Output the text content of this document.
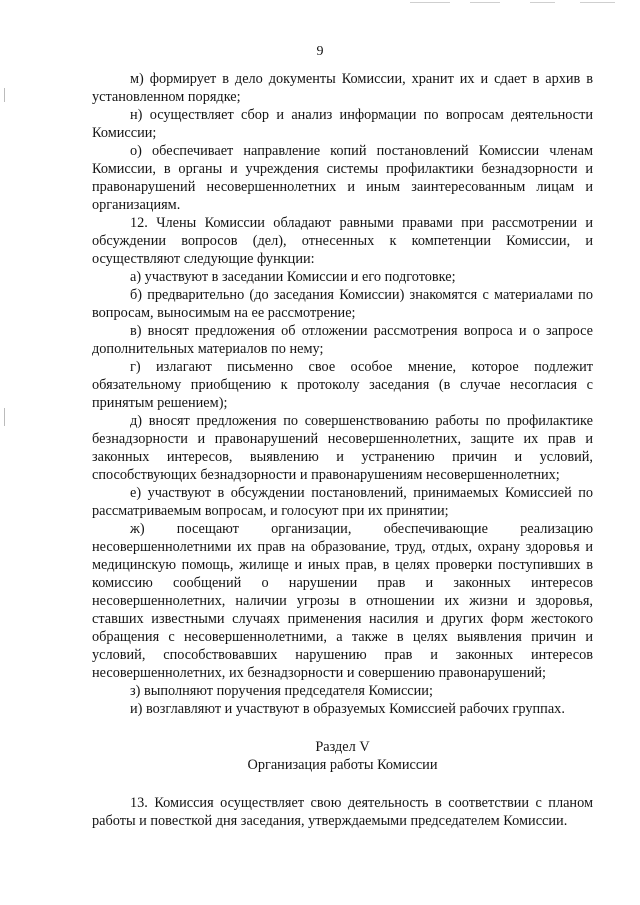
9

м) формирует в дело документы Комиссии, хранит их и сдает в архив в установленном порядке;

н) осуществляет сбор и анализ информации по вопросам деятельности Комиссии;

о) обеспечивает направление копий постановлений Комиссии членам Комиссии, в органы и учреждения системы профилактики безнадзорности и правонарушений несовершеннолетних и иным заинтересованным лицам и организациям.

12. Члены Комиссии обладают равными правами при рассмотрении и обсуждении вопросов (дел), отнесенных к компетенции Комиссии, и осуществляют следующие функции:

а) участвуют в заседании Комиссии и его подготовке;

б) предварительно (до заседания Комиссии) знакомятся с материалами по вопросам, выносимым на ее рассмотрение;

в) вносят предложения об отложении рассмотрения вопроса и о запросе дополнительных материалов по нему;

г) излагают письменно свое особое мнение, которое подлежит обязательному приобщению к протоколу заседания (в случае несогласия с принятым решением);

д) вносят предложения по совершенствованию работы по профилактике безнадзорности и правонарушений несовершеннолетних, защите их прав и законных интересов, выявлению и устранению причин и условий, способствующих безнадзорности и правонарушениям несовершеннолетних;

е) участвуют в обсуждении постановлений, принимаемых Комиссией по рассматриваемым вопросам, и голосуют при их принятии;

ж) посещают организации, обеспечивающие реализацию несовершеннолетними их прав на образование, труд, отдых, охрану здоровья и медицинскую помощь, жилище и иных прав, в целях проверки поступивших в комиссию сообщений о нарушении прав и законных интересов несовершеннолетних, наличии угрозы в отношении их жизни и здоровья, ставших известными случаях применения насилия и других форм жестокого обращения с несовершеннолетними, а также в целях выявления причин и условий, способствовавших нарушению прав и законных интересов несовершеннолетних, их безнадзорности и совершению правонарушений;

з) выполняют поручения председателя Комиссии;

и) возглавляют и участвуют в образуемых Комиссией рабочих группах.

Раздел V
Организация работы Комиссии

13. Комиссия осуществляет свою деятельность в соответствии с планом работы и повесткой дня заседания, утверждаемыми председателем Комиссии.
